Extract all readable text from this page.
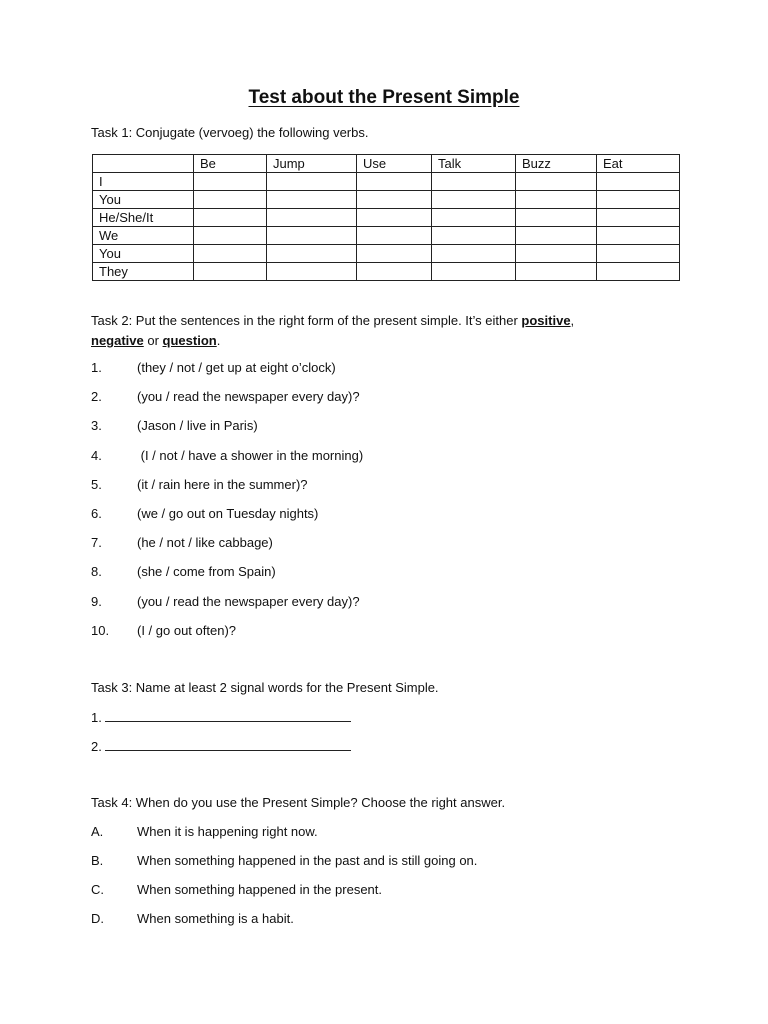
Test about the Present Simple
Task 1: Conjugate (vervoeg) the following verbs.
	Be	Jump	Use	Talk	Buzz	Eat
I						
You						
He/She/It						
We						
You						
They						
Task 2: Put the sentences in the right form of the present simple. It’s either positive,
negative or question.
1.	(they / not / get up at eight o’clock)
2.	(you / read the newspaper every day)?
3.	(Jason / live in Paris)
4.	(I / not / have a shower in the morning)
5.	(it / rain here in the summer)?
6.	(we / go out on Tuesday nights)
7.	(he / not / like cabbage)
8.	(she / come from Spain)
9.	(you / read the newspaper every day)?
10. (I / go out often)?
Task 3: Name at least 2 signal words for the Present Simple.
1.
2.
Task 4: When do you use the Present Simple? Choose the right answer.
A.	When it is happening right now.
B.	When something happened in the past and is still going on.
C.	When something happened in the present.
D.	When something is a habit.
